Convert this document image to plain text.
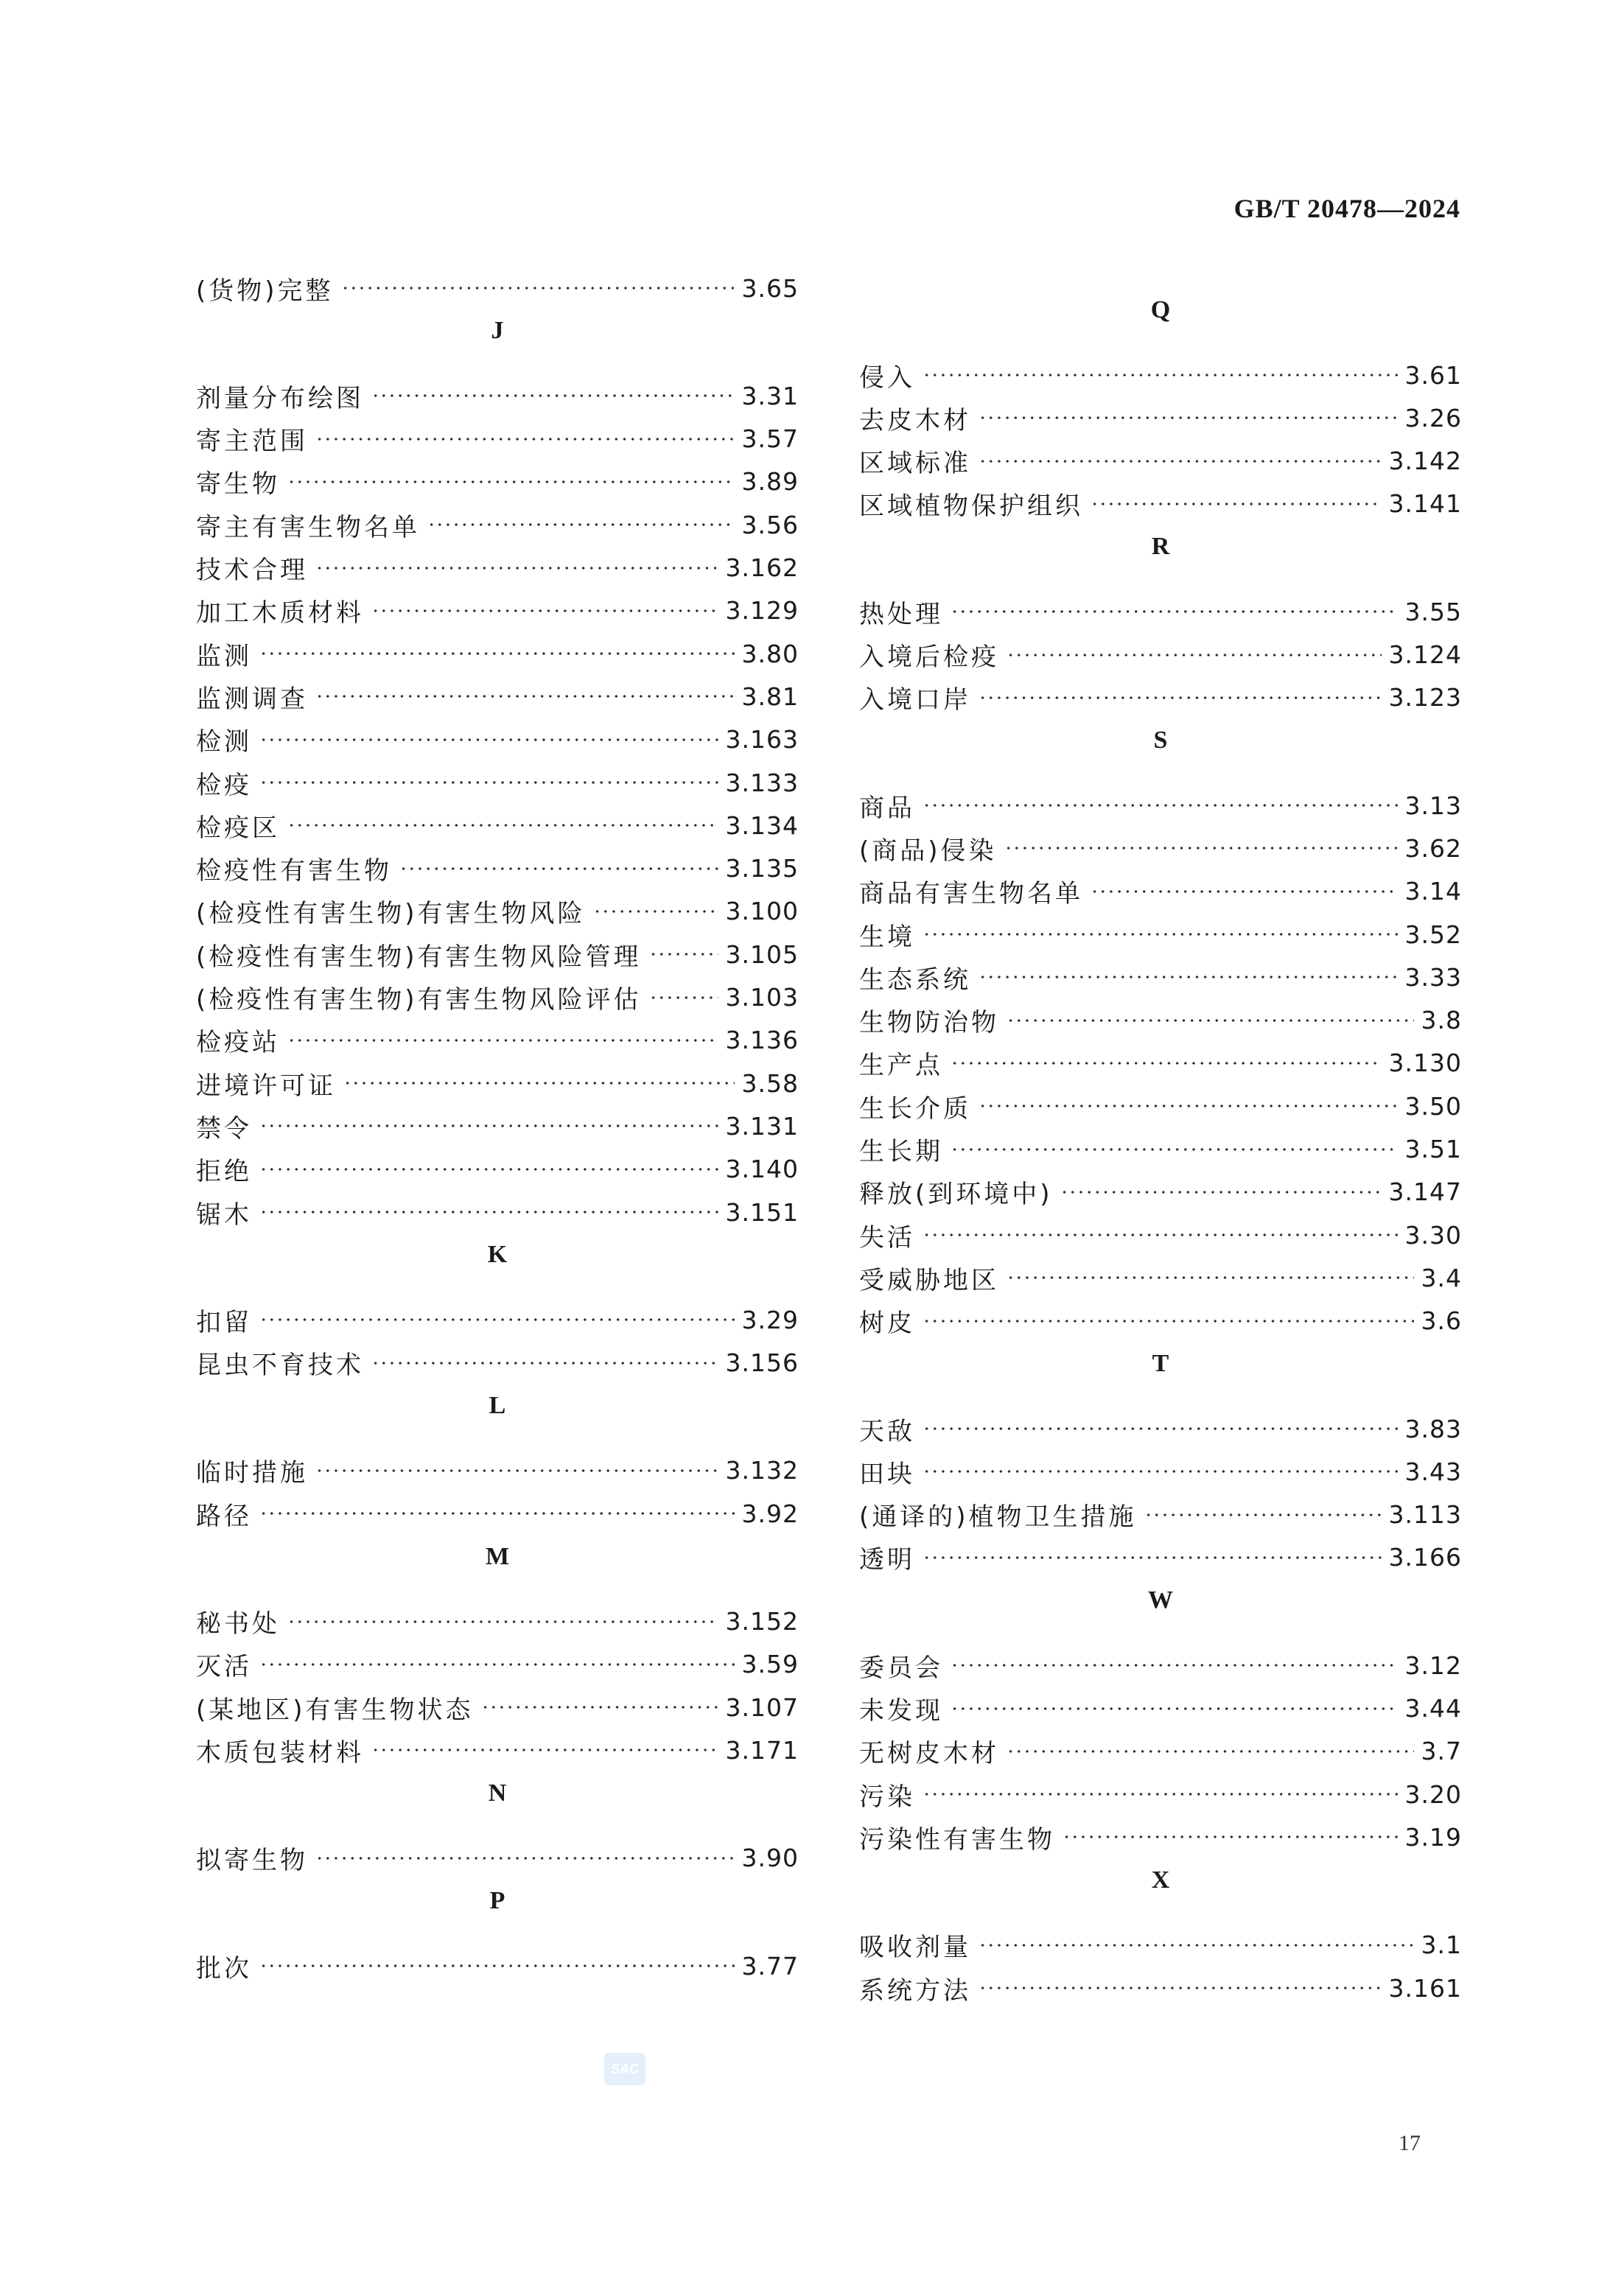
GB/T 20478—2024
(货物)完整	3.65
J
剂量分布绘图	3.31
寄主范围	3.57
寄生物	3.89
寄主有害生物名单	3.56
技术合理	3.162
加工木质材料	3.129
监测	3.80
监测调查	3.81
检测	3.163
检疫	3.133
检疫区	3.134
检疫性有害生物	3.135
(检疫性有害生物)有害生物风险	3.100
(检疫性有害生物)有害生物风险管理	3.105
(检疫性有害生物)有害生物风险评估	3.103
检疫站	3.136
进境许可证	3.58
禁令	3.131
拒绝	3.140
锯木	3.151
K
扣留	3.29
昆虫不育技术	3.156
L
临时措施	3.132
路径	3.92
M
秘书处	3.152
灭活	3.59
(某地区)有害生物状态	3.107
木质包装材料	3.171
N
拟寄生物	3.90
P
批次	3.77
Q
侵入	3.61
去皮木材	3.26
区域标准	3.142
区域植物保护组织	3.141
R
热处理	3.55
入境后检疫	3.124
入境口岸	3.123
S
商品	3.13
(商品)侵染	3.62
商品有害生物名单	3.14
生境	3.52
生态系统	3.33
生物防治物	3.8
生产点	3.130
生长介质	3.50
生长期	3.51
释放(到环境中)	3.147
失活	3.30
受威胁地区	3.4
树皮	3.6
T
天敌	3.83
田块	3.43
(通译的)植物卫生措施	3.113
透明	3.166
W
委员会	3.12
未发现	3.44
无树皮木材	3.7
污染	3.20
污染性有害生物	3.19
X
吸收剂量	3.1
系统方法	3.161
SAC
17
